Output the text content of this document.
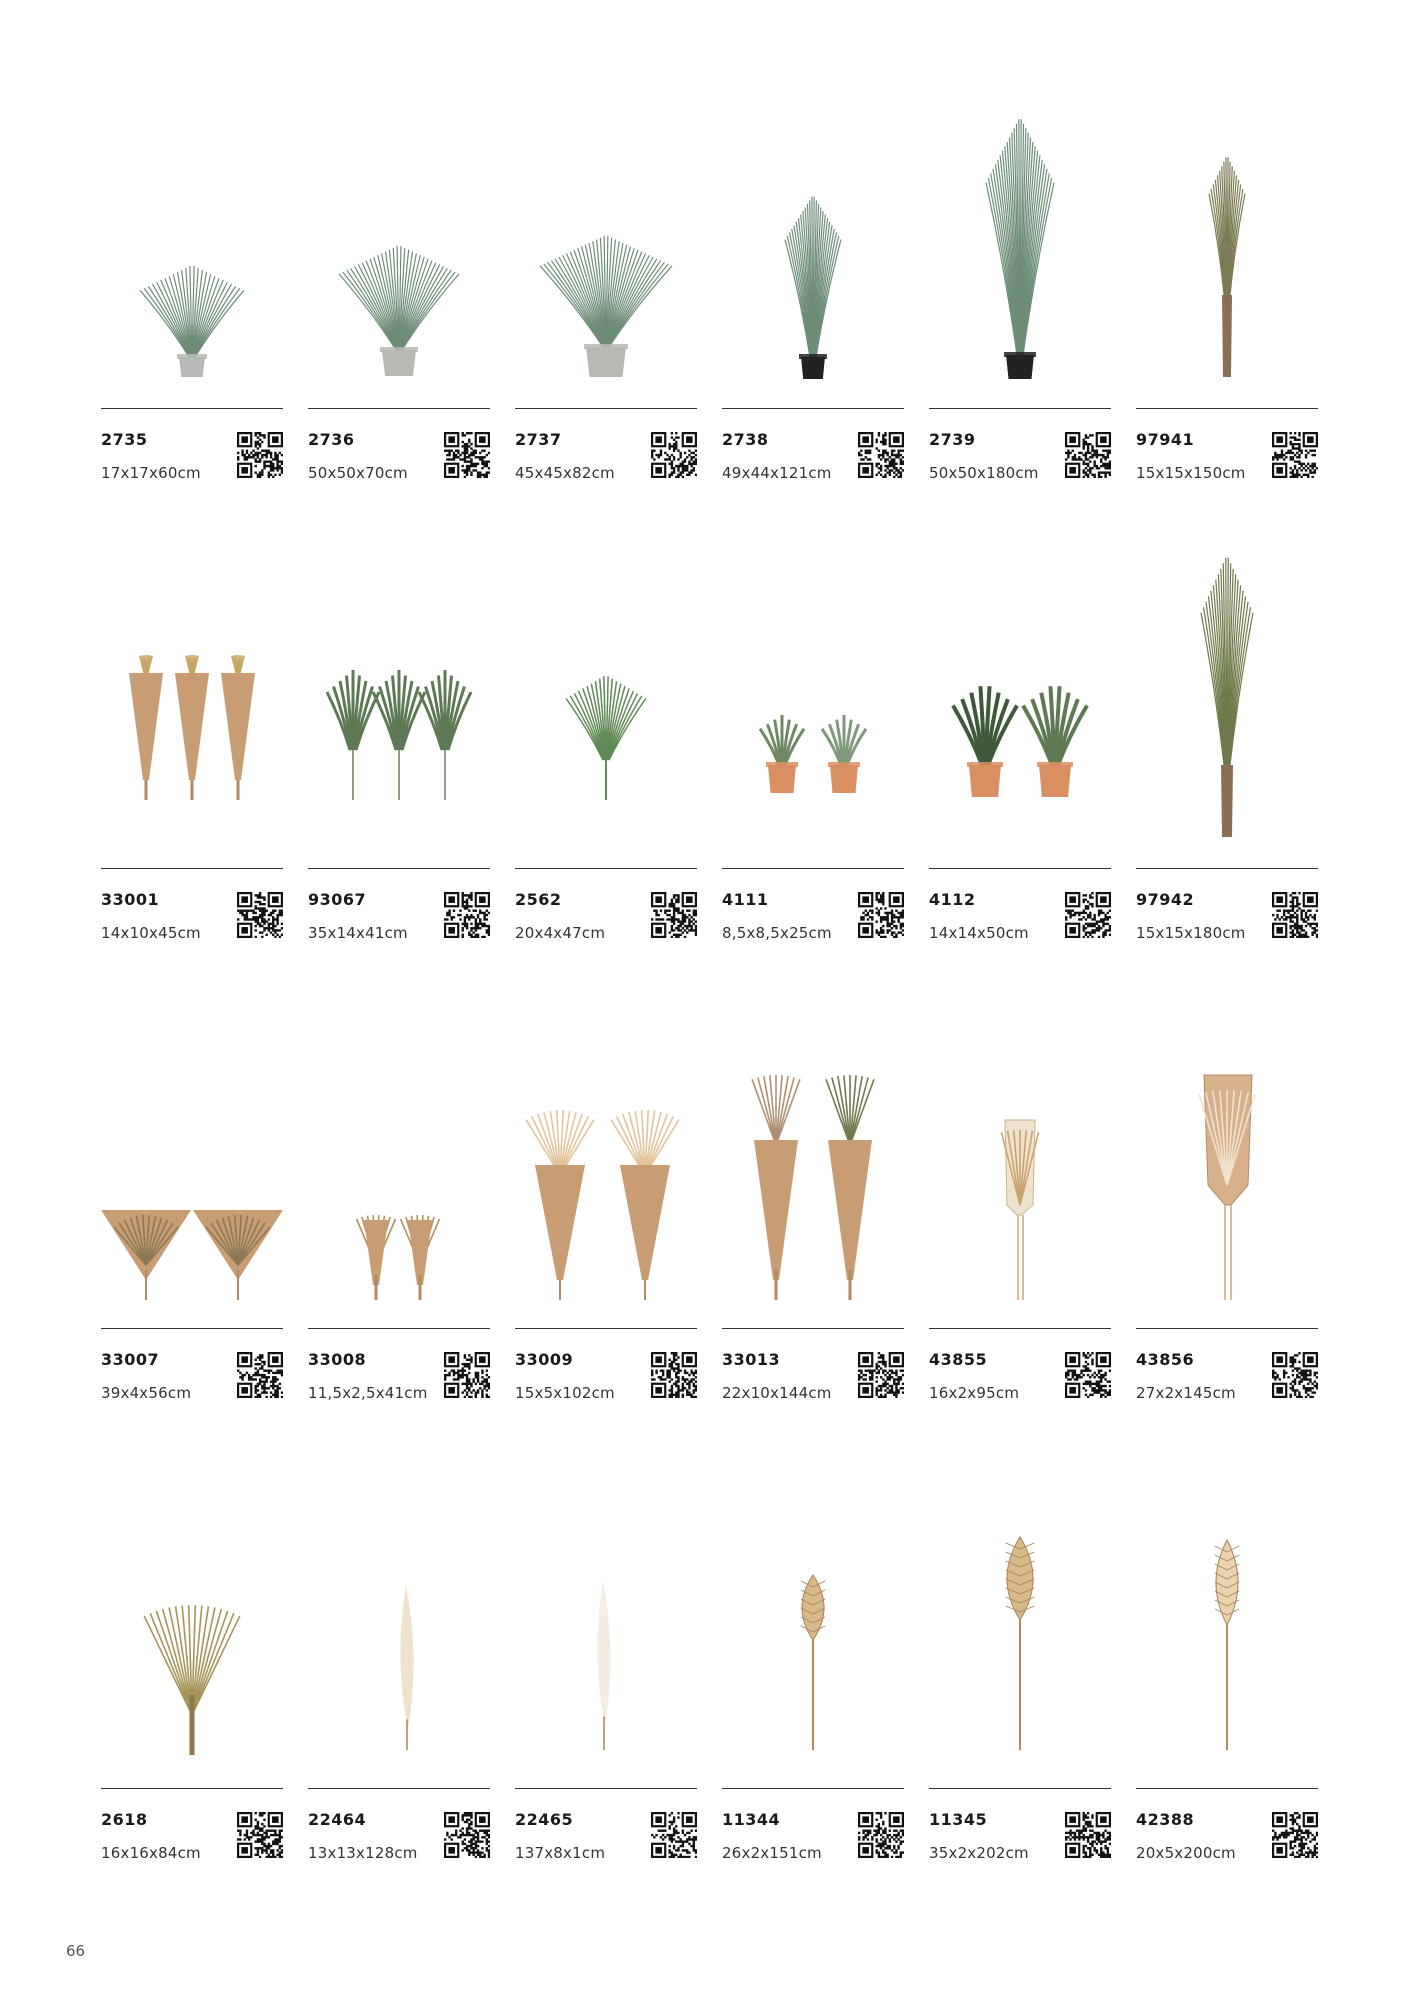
2735
17x17x60cm
2736
50x50x70cm
2737
45x45x82cm
2738
49x44x121cm
2739
50x50x180cm
97941
15x15x150cm
33001
14x10x45cm
93067
35x14x41cm
2562
20x4x47cm
4111
8,5x8,5x25cm
4112
14x14x50cm
97942
15x15x180cm
33007
39x4x56cm
33008
11,5x2,5x41cm
33009
15x5x102cm
33013
22x10x144cm
43855
16x2x95cm
43856
27x2x145cm
2618
16x16x84cm
22464
13x13x128cm
22465
137x8x1cm
11344
26x2x151cm
11345
35x2x202cm
42388
20x5x200cm
66
